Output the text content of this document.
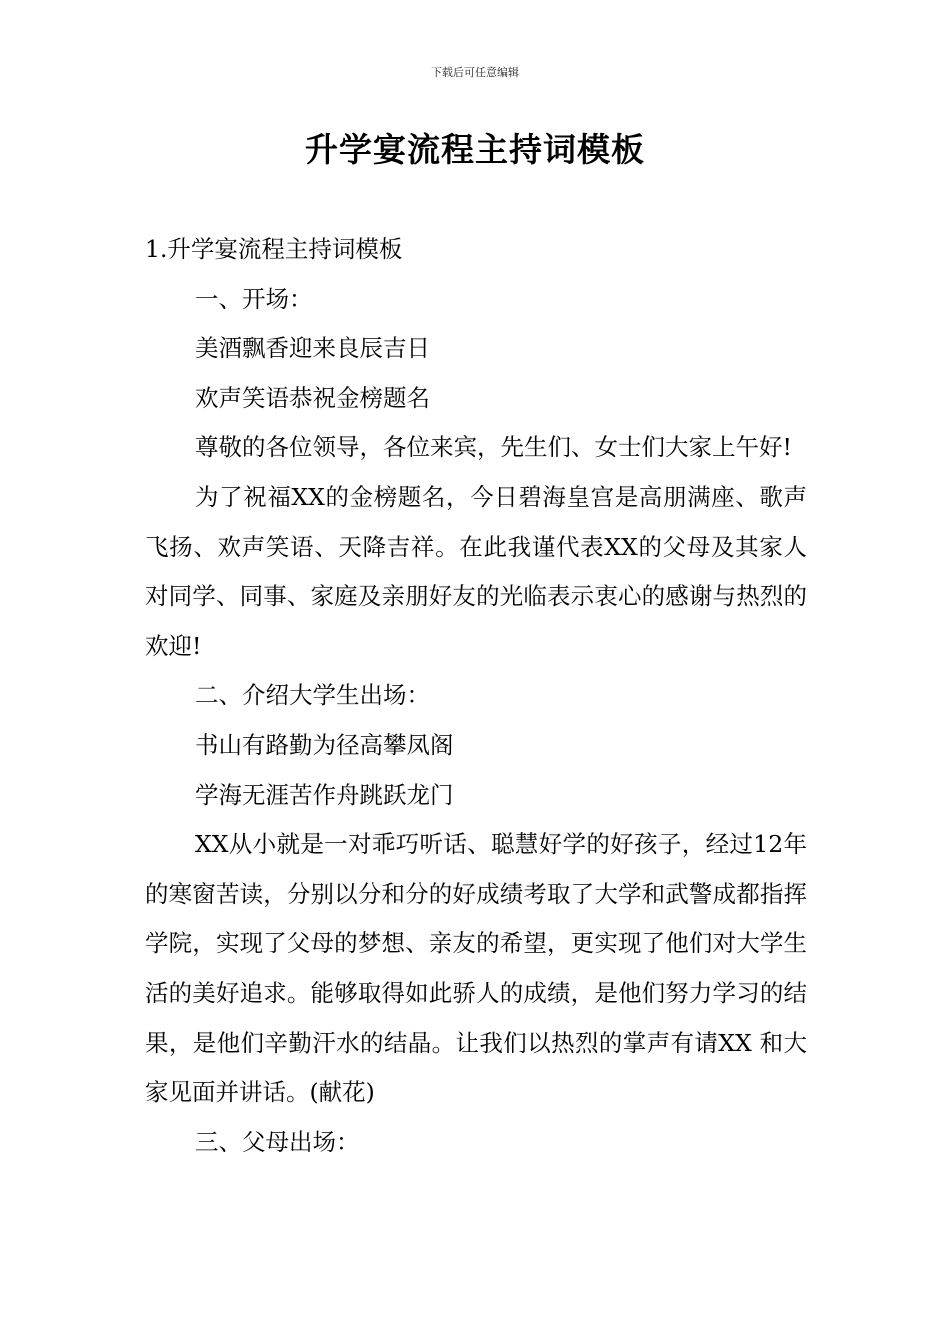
下载后可任意编辑
升学宴流程主持词模板

1.升学宴流程主持词模板

一、开场：

美酒飘香迎来良辰吉日

欢声笑语恭祝金榜题名

尊敬的各位领导，各位来宾，先生们、女士们大家上午好!

为了祝福XX的金榜题名，今日碧海皇宫是高朋满座、歌声飞扬、欢声笑语、天降吉祥。在此我谨代表XX的父母及其家人对同学、同事、家庭及亲朋好友的光临表示衷心的感谢与热烈的欢迎!

二、介绍大学生出场：

书山有路勤为径高攀凤阁

学海无涯苦作舟跳跃龙门

XX从小就是一对乖巧听话、聪慧好学的好孩子，经过12年的寒窗苦读，分别以分和分的好成绩考取了大学和武警成都指挥学院，实现了父母的梦想、亲友的希望，更实现了他们对大学生活的美好追求。能够取得如此骄人的成绩，是他们努力学习的结果，是他们辛勤汗水的结晶。让我们以热烈的掌声有请XX 和大家见面并讲话。(献花)

三、父母出场：
